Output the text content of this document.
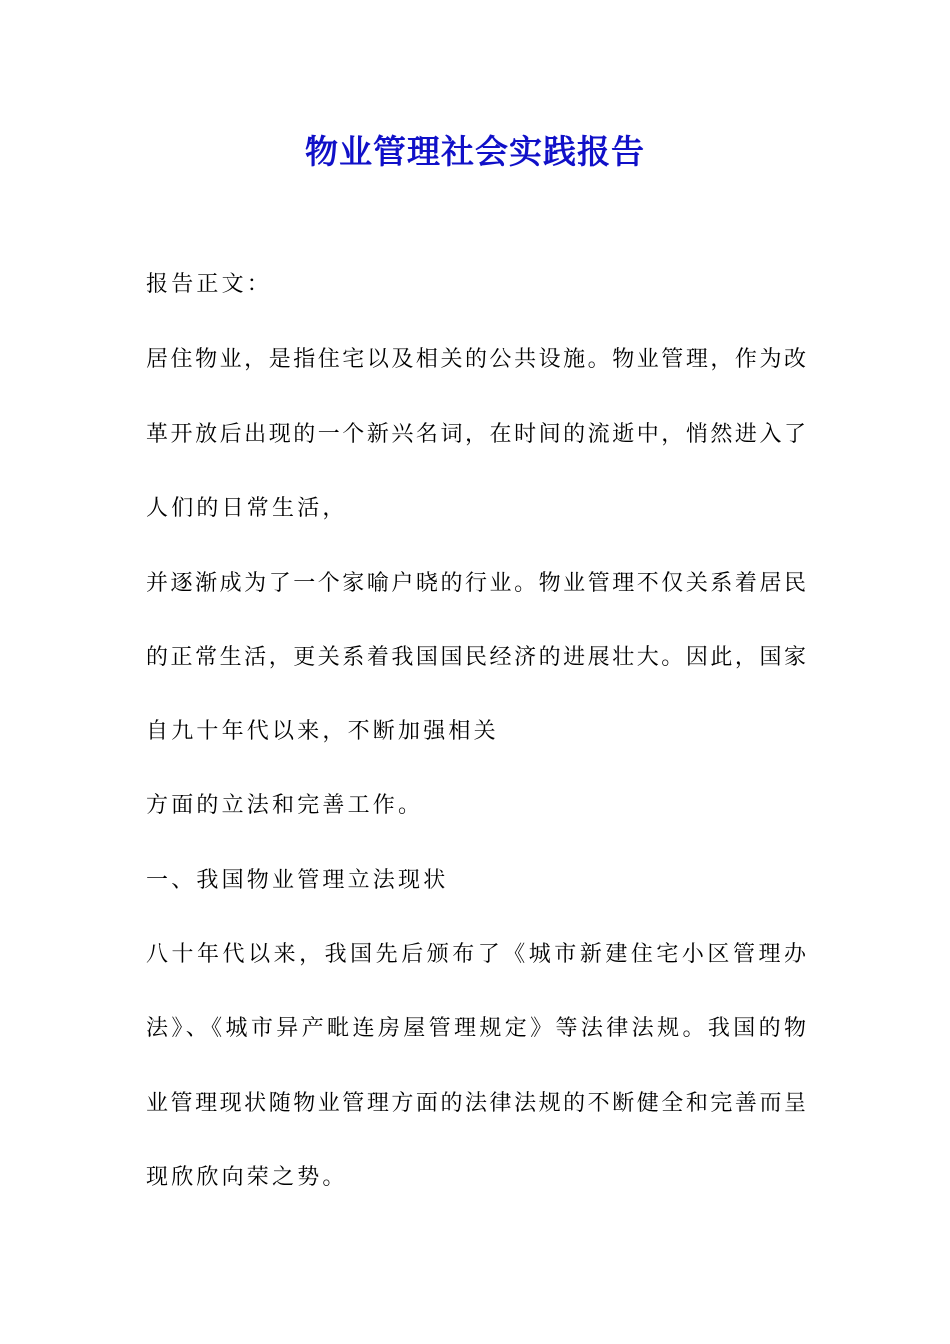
物业管理社会实践报告
报告正文：
居住物业，是指住宅以及相关的公共设施。物业管理，作为改
革开放后出现的一个新兴名词，在时间的流逝中，悄然进入了
人们的日常生活，
并逐渐成为了一个家喻户晓的行业。物业管理不仅关系着居民
的正常生活，更关系着我国国民经济的进展壮大。因此，国家
自九十年代以来，不断加强相关
方面的立法和完善工作。
一、我国物业管理立法现状
八十年代以来，我国先后颁布了《城市新建住宅小区管理办
法》、《城市异产毗连房屋管理规定》等法律法规。我国的物
业管理现状随物业管理方面的法律法规的不断健全和完善而呈
现欣欣向荣之势。
